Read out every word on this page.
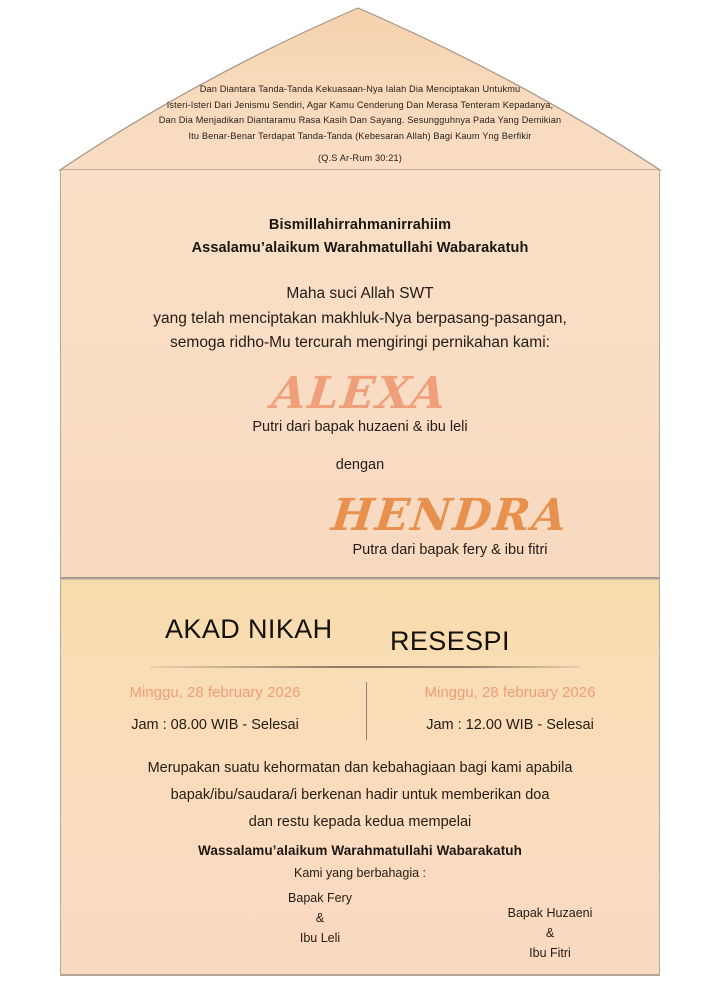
Dan Diantara Tanda-Tanda Kekuasaan-Nya Ialah Dia Menciptakan Untukmu
Isteri-Isteri Dari Jenismu Sendiri, Agar Kamu Cenderung Dan Merasa Tenteram Kepadanya,
Dan Dia Menjadikan Diantaramu Rasa Kasih Dan Sayang. Sesungguhnya Pada Yang Demikian
Itu Benar-Benar Terdapat Tanda-Tanda (Kebesaran Allah) Bagi Kaum Yng Berfikir
(Q.S Ar-Rum 30:21)
Bismillahirrahmanirrahiim
Assalamu’alaikum Warahmatullahi Wabarakatuh
Maha suci Allah SWT
yang telah menciptakan makhluk-Nya berpasang-pasangan,
semoga ridho-Mu tercurah mengiringi pernikahan kami:
ALEXA
Putri dari bapak huzaeni & ibu leli
dengan
HENDRA
Putra dari bapak fery & ibu fitri
AKAD NIKAH RESESPI
Minggu, 28 february 2026
Jam : 08.00 WIB - Selesai
Minggu, 28 february 2026
Jam : 12.00 WIB - Selesai
Merupakan suatu kehormatan dan kebahagiaan bagi kami apabila
bapak/ibu/saudara/i berkenan hadir untuk memberikan doa
dan restu kepada kedua mempelai
Wassalamu’alaikum Warahmatullahi Wabarakatuh
Kami yang berbahagia :
Bapak Fery
&
Ibu Leli
Bapak Huzaeni
&
Ibu Fitri
